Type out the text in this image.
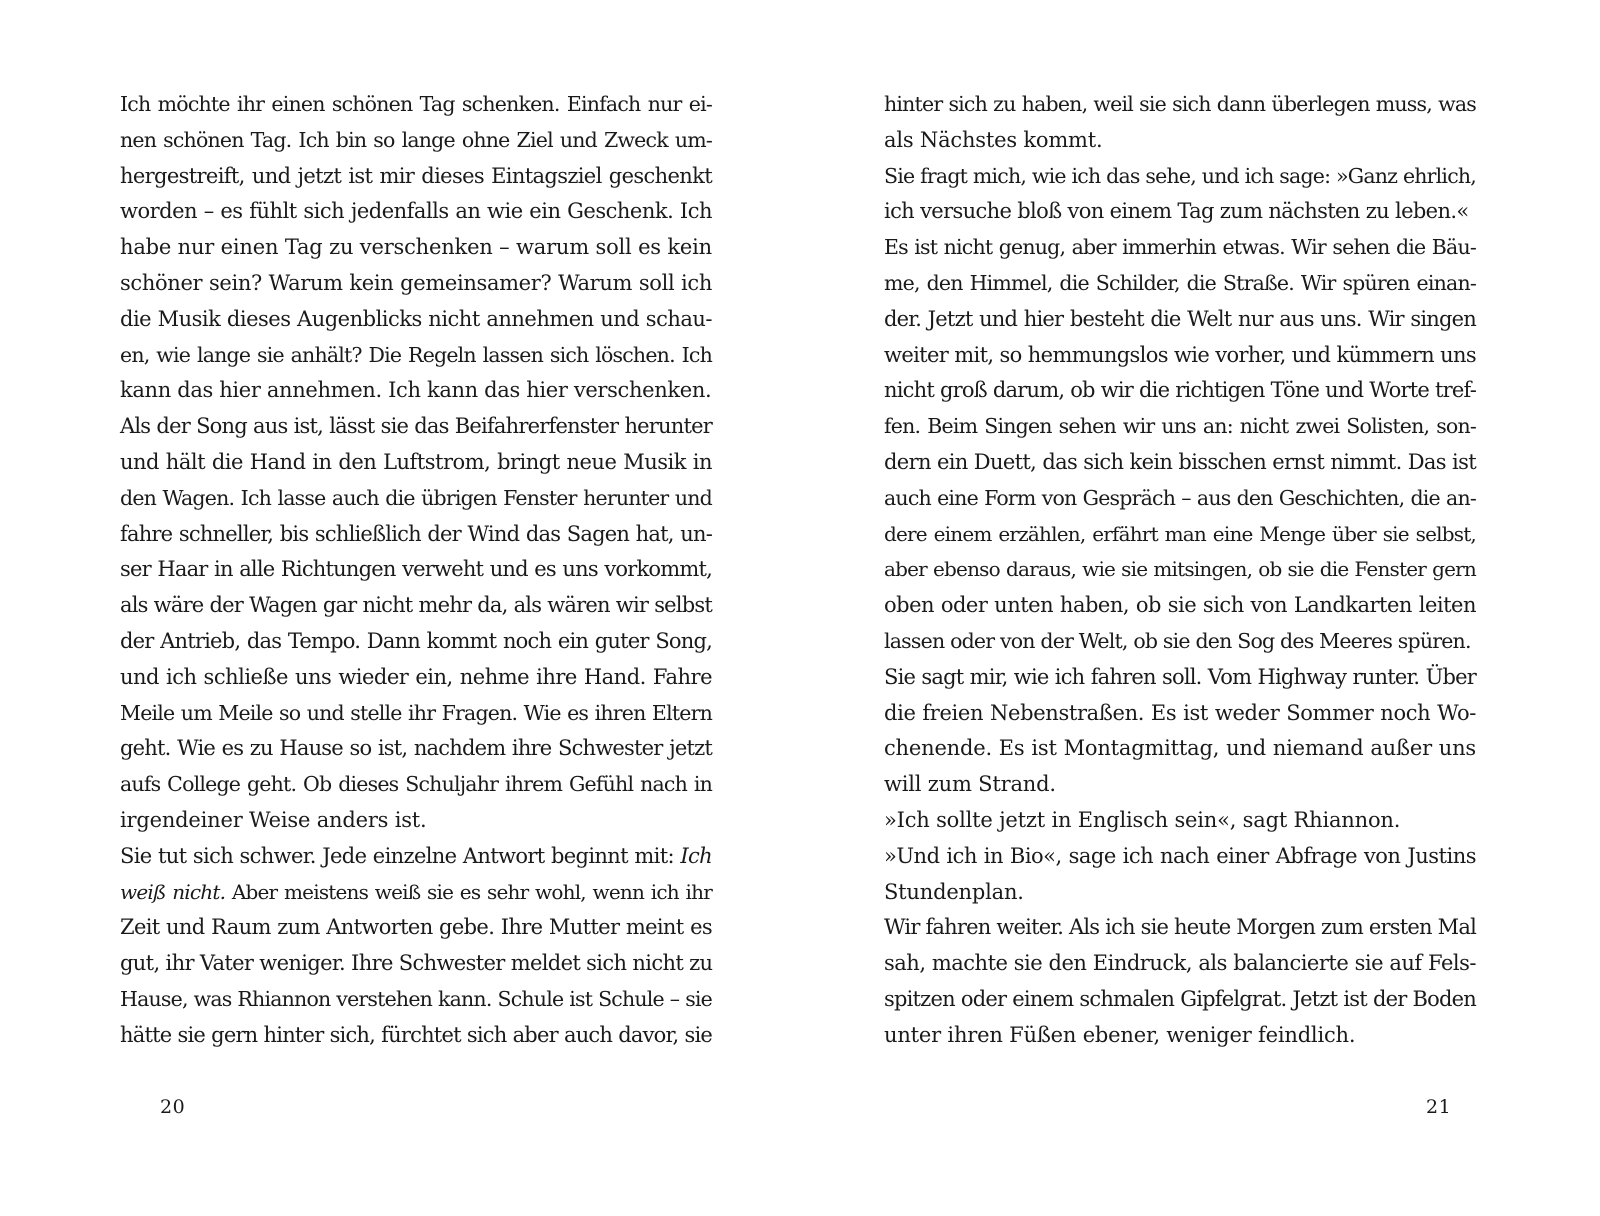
Ich möchte ihr einen schönen Tag schenken. Einfach nur ei-
nen schönen Tag. Ich bin so lange ohne Ziel und Zweck um-
hergestreift, und jetzt ist mir dieses Eintagsziel geschenkt
worden – es fühlt sich jedenfalls an wie ein Geschenk. Ich
habe nur einen Tag zu verschenken – warum soll es kein
schöner sein? Warum kein gemeinsamer? Warum soll ich
die Musik dieses Augenblicks nicht annehmen und schau-
en, wie lange sie anhält? Die Regeln lassen sich löschen. Ich
kann das hier annehmen. Ich kann das hier verschenken.
Als der Song aus ist, lässt sie das Beifahrerfenster herunter
und hält die Hand in den Luftstrom, bringt neue Musik in
den Wagen. Ich lasse auch die übrigen Fenster herunter und
fahre schneller, bis schließlich der Wind das Sagen hat, un-
ser Haar in alle Richtungen verweht und es uns vorkommt,
als wäre der Wagen gar nicht mehr da, als wären wir selbst
der Antrieb, das Tempo. Dann kommt noch ein guter Song,
und ich schließe uns wieder ein, nehme ihre Hand. Fahre
Meile um Meile so und stelle ihr Fragen. Wie es ihren Eltern
geht. Wie es zu Hause so ist, nachdem ihre Schwester jetzt
aufs College geht. Ob dieses Schuljahr ihrem Gefühl nach in
irgendeiner Weise anders ist.
Sie tut sich schwer. Jede einzelne Antwort beginnt mit: Ich
weiß nicht. Aber meistens weiß sie es sehr wohl, wenn ich ihr
Zeit und Raum zum Antworten gebe. Ihre Mutter meint es
gut, ihr Vater weniger. Ihre Schwester meldet sich nicht zu
Hause, was Rhiannon verstehen kann. Schule ist Schule – sie
hätte sie gern hinter sich, fürchtet sich aber auch davor, sie
20
hinter sich zu haben, weil sie sich dann überlegen muss, was
als Nächstes kommt.
Sie fragt mich, wie ich das sehe, und ich sage: »Ganz ehrlich,
ich versuche bloß von einem Tag zum nächsten zu leben.«
Es ist nicht genug, aber immerhin etwas. Wir sehen die Bäu-
me, den Himmel, die Schilder, die Straße. Wir spüren einan-
der. Jetzt und hier besteht die Welt nur aus uns. Wir singen
weiter mit, so hemmungslos wie vorher, und kümmern uns
nicht groß darum, ob wir die richtigen Töne und Worte tref-
fen. Beim Singen sehen wir uns an: nicht zwei Solisten, son-
dern ein Duett, das sich kein bisschen ernst nimmt. Das ist
auch eine Form von Gespräch – aus den Geschichten, die an-
dere einem erzählen, erfährt man eine Menge über sie selbst,
aber ebenso daraus, wie sie mitsingen, ob sie die Fenster gern
oben oder unten haben, ob sie sich von Landkarten leiten
lassen oder von der Welt, ob sie den Sog des Meeres spüren.
Sie sagt mir, wie ich fahren soll. Vom Highway runter. Über
die freien Nebenstraßen. Es ist weder Sommer noch Wo-
chenende. Es ist Montagmittag, und niemand außer uns
will zum Strand.
»Ich sollte jetzt in Englisch sein«, sagt Rhiannon.
»Und ich in Bio«, sage ich nach einer Abfrage von Justins
Stundenplan.
Wir fahren weiter. Als ich sie heute Morgen zum ersten Mal
sah, machte sie den Eindruck, als balancierte sie auf Fels-
spitzen oder einem schmalen Gipfelgrat. Jetzt ist der Boden
unter ihren Füßen ebener, weniger feindlich.
21
